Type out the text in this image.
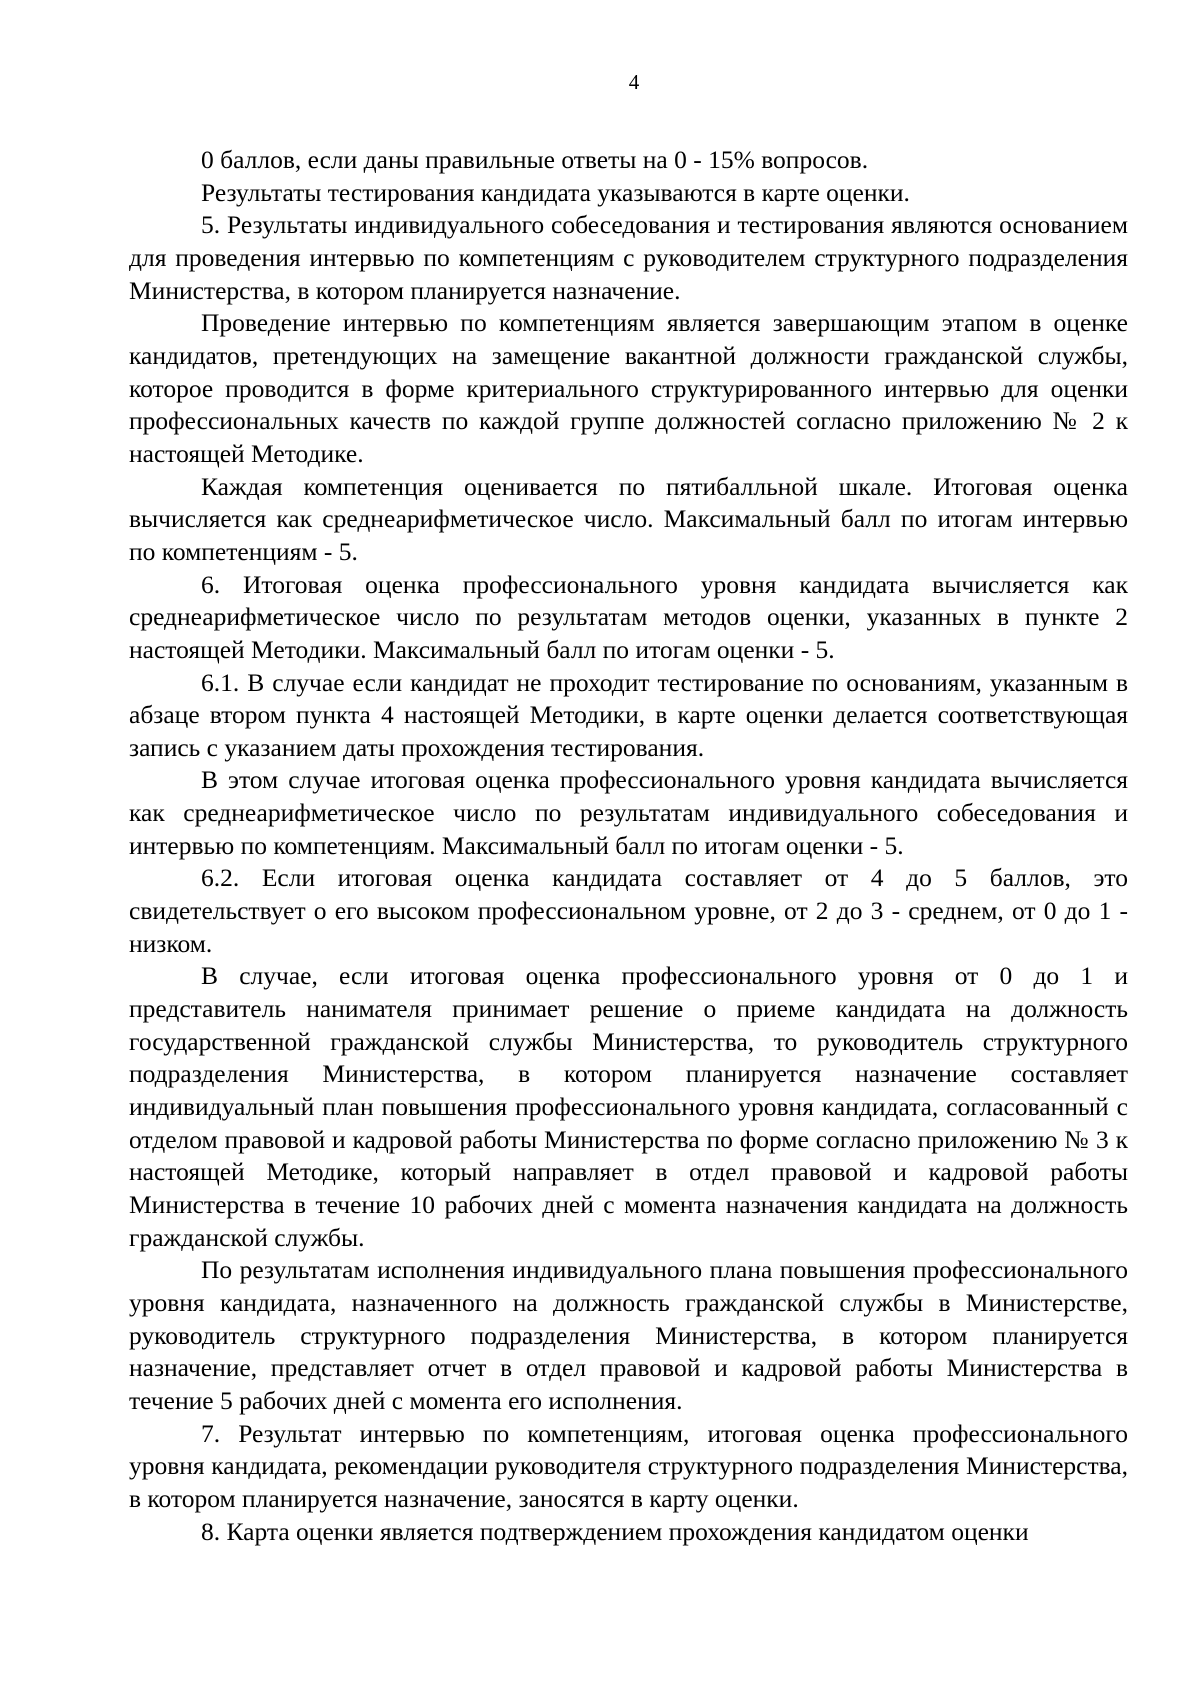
4

0 баллов, если даны правильные ответы на 0 - 15% вопросов.

Результаты тестирования кандидата указываются в карте оценки.

5. Результаты индивидуального собеседования и тестирования являются основанием для проведения интервью по компетенциям с руководителем структурного подразделения Министерства, в котором планируется назначение.

Проведение интервью по компетенциям является завершающим этапом в оценке кандидатов, претендующих на замещение вакантной должности гражданской службы, которое проводится в форме критериального структурированного интервью для оценки профессиональных качеств по каждой группе должностей согласно приложению № 2 к настоящей Методике.

Каждая компетенция оценивается по пятибалльной шкале. Итоговая оценка вычисляется как среднеарифметическое число. Максимальный балл по итогам интервью по компетенциям - 5.

6. Итоговая оценка профессионального уровня кандидата вычисляется как среднеарифметическое число по результатам методов оценки, указанных в пункте 2 настоящей Методики. Максимальный балл по итогам оценки - 5.

6.1. В случае если кандидат не проходит тестирование по основаниям, указанным в абзаце втором пункта 4 настоящей Методики, в карте оценки делается соответствующая запись с указанием даты прохождения тестирования.

В этом случае итоговая оценка профессионального уровня кандидата вычисляется как среднеарифметическое число по результатам индивидуального собеседования и интервью по компетенциям. Максимальный балл по итогам оценки - 5.

6.2. Если итоговая оценка кандидата составляет от 4 до 5 баллов, это свидетельствует о его высоком профессиональном уровне, от 2 до 3 - среднем, от 0 до 1 - низком.

В случае, если итоговая оценка профессионального уровня от 0 до 1 и представитель нанимателя принимает решение о приеме кандидата на должность государственной гражданской службы Министерства, то руководитель структурного подразделения Министерства, в котором планируется назначение составляет индивидуальный план повышения профессионального уровня кандидата, согласованный с отделом правовой и кадровой работы Министерства по форме согласно приложению № 3 к настоящей Методике, который направляет в отдел правовой и кадровой работы Министерства в течение 10 рабочих дней с момента назначения кандидата на должность гражданской службы.

По результатам исполнения индивидуального плана повышения профессионального уровня кандидата, назначенного на должность гражданской службы в Министерстве, руководитель структурного подразделения Министерства, в котором планируется назначение, представляет отчет в отдел правовой и кадровой работы Министерства в течение 5 рабочих дней с момента его исполнения.

7. Результат интервью по компетенциям, итоговая оценка профессионального уровня кандидата, рекомендации руководителя структурного подразделения Министерства, в котором планируется назначение, заносятся в карту оценки.

8. Карта оценки является подтверждением прохождения кандидатом оценки
